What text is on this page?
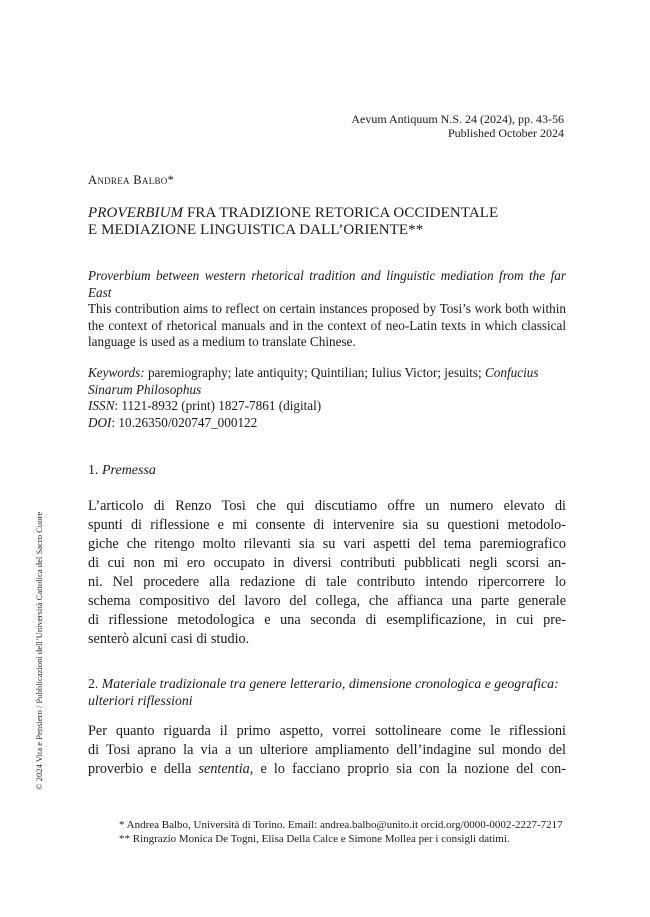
Aevum Antiquum N.S. 24 (2024), pp. 43-56
Published October 2024
Andrea Balbo*
PROVERBIUM FRA TRADIZIONE RETORICA OCCIDENTALE
E MEDIAZIONE LINGUISTICA DALL’ORIENTE**
Proverbium between western rhetorical tradition and linguistic mediation from the far East
This contribution aims to reflect on certain instances proposed by Tosi’s work both within the context of rhetorical manuals and in the context of neo-Latin texts in which classical language is used as a medium to translate Chinese.
Keywords: paremiography; late antiquity; Quintilian; Iulius Victor; jesuits; Confucius Sinarum Philosophus
ISSN: 1121-8932 (print) 1827-7861 (digital)
DOI: 10.26350/020747_000122
1. Premessa
L’articolo di Renzo Tosi che qui discutiamo offre un numero elevato di
spunti di riflessione e mi consente di intervenire sia su questioni metodolo-
giche che ritengo molto rilevanti sia su vari aspetti del tema paremiografico
di cui non mi ero occupato in diversi contributi pubblicati negli scorsi an-
ni. Nel procedere alla redazione di tale contributo intendo ripercorrere lo
schema compositivo del lavoro del collega, che affianca una parte generale
di riflessione metodologica e una seconda di esemplificazione, in cui pre-
senterò alcuni casi di studio.
2. Materiale tradizionale tra genere letterario, dimensione cronologica e geografica:
ulteriori riflessioni
Per quanto riguarda il primo aspetto, vorrei sottolineare come le riflessioni
di Tosi aprano la via a un ulteriore ampliamento dell’indagine sul mondo del
proverbio e della sententia, e lo facciano proprio sia con la nozione del con-
* Andrea Balbo, Università di Torino. Email: andrea.balbo@unito.it orcid.org/0000-0002-2227-7217
** Ringrazio Monica De Togni, Elisa Della Calce e Simone Mollea per i consigli datimi.
© 2024 Vita e Pensiero / Pubblicazioni dell’Università Cattolica del Sacro Cuore
